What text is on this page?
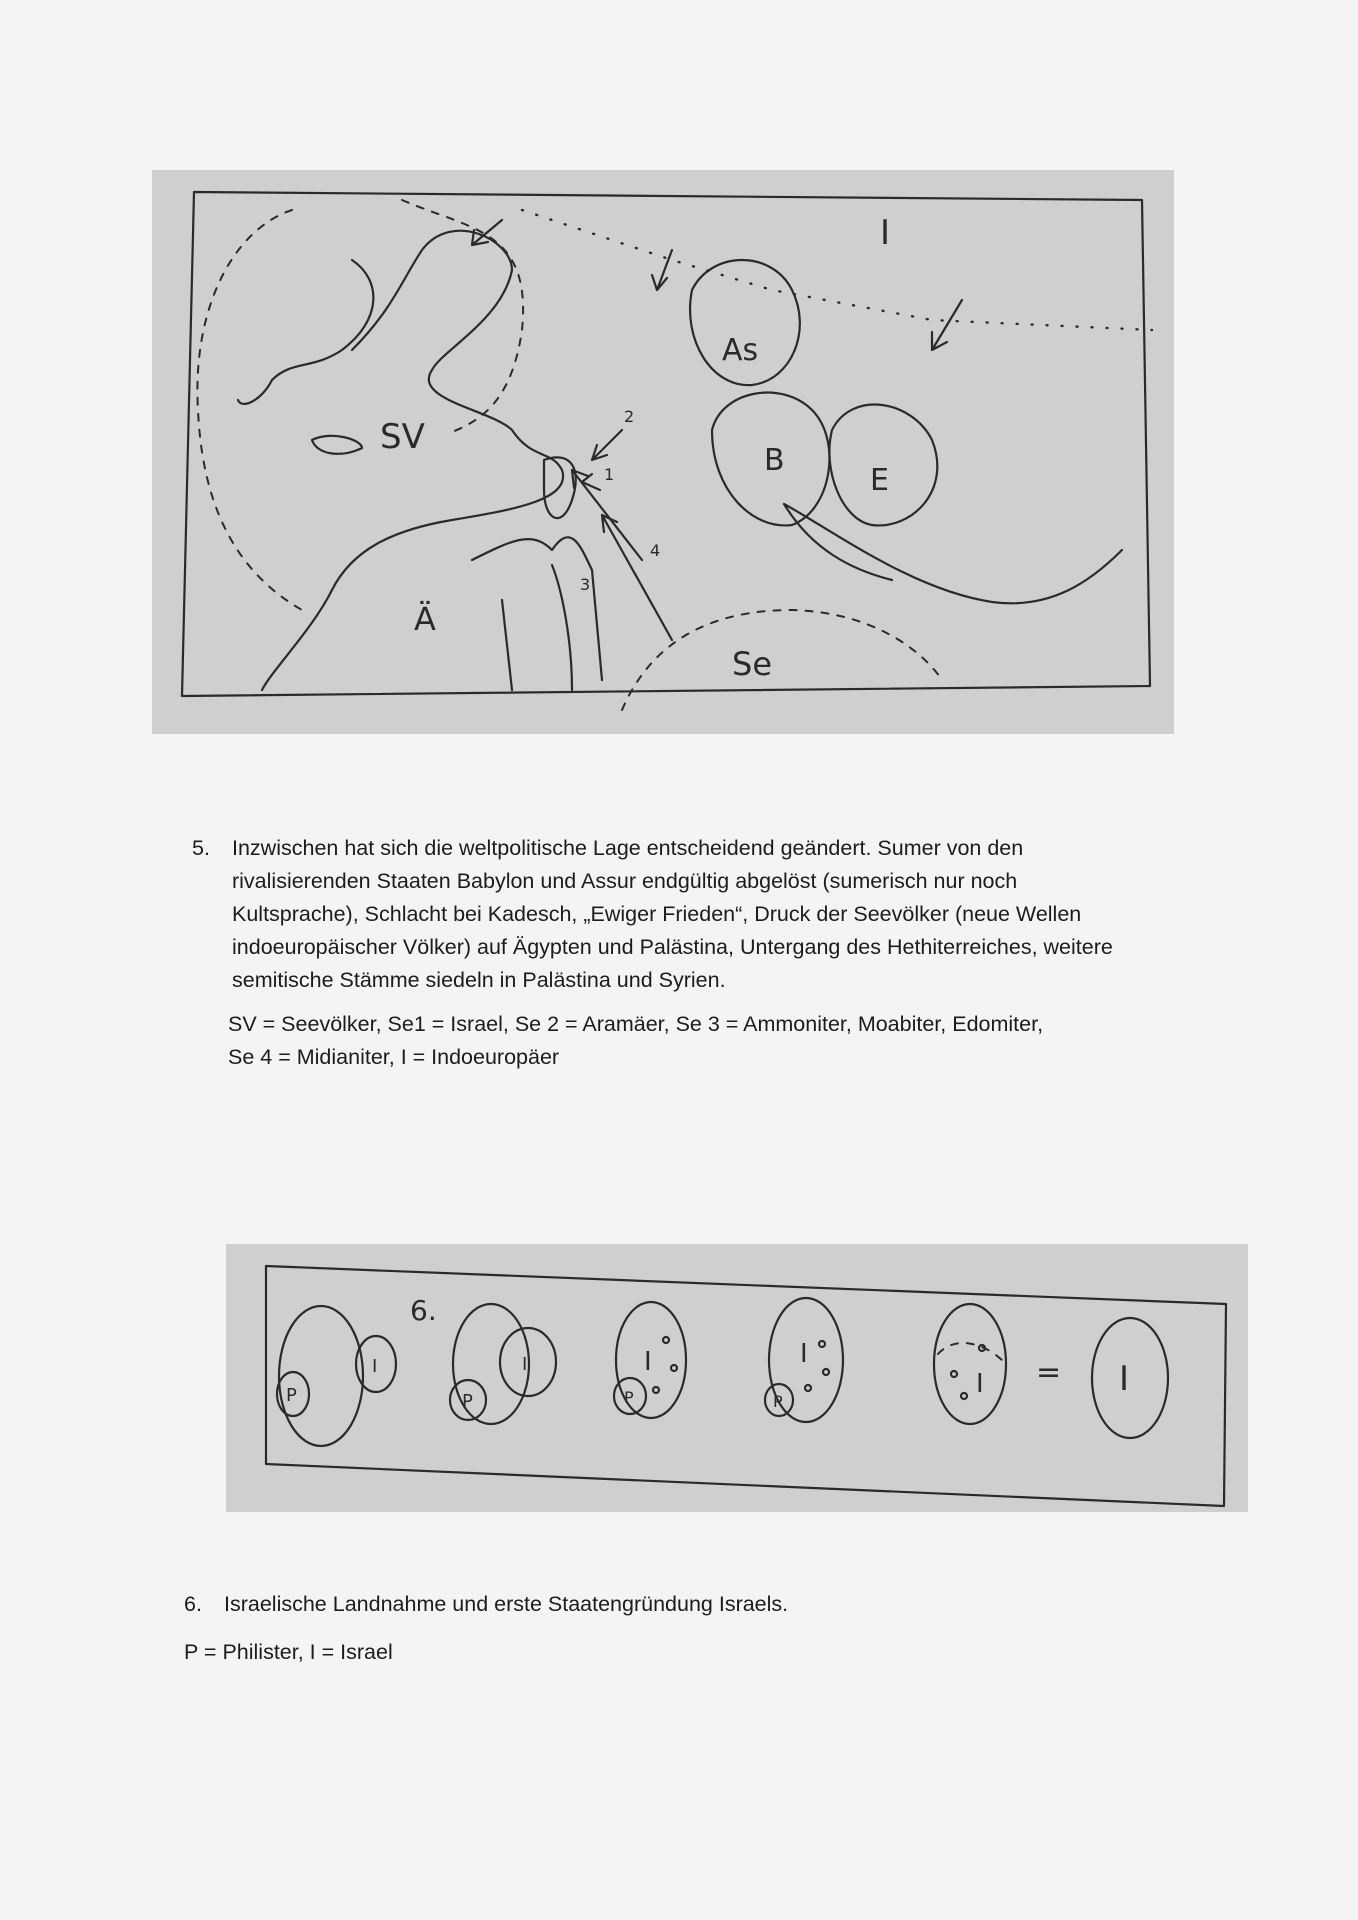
I
As
B
E
SV
Ä
Se
1
2
3
4
5. Inzwischen hat sich die weltpolitische Lage entscheidend geändert. Sumer von den
rivalisierenden Staaten Babylon und Assur endgültig abgelöst (sumerisch nur noch
Kultsprache), Schlacht bei Kadesch, „Ewiger Frieden“, Druck der Seevölker (neue Wellen
indoeuropäischer Völker) auf Ägypten und Palästina, Untergang des Hethiterreiches, weitere
semitische Stämme siedeln in Palästina und Syrien.
SV = Seevölker, Se1 = Israel, Se 2 = Aramäer, Se 3 = Ammoniter, Moabiter, Edomiter,
Se 4 = Midianiter, I = Indoeuropäer
6.
P
I
P
I
P
I
P
I
I = I
6. Israelische Landnahme und erste Staatengründung Israels.
P = Philister, I = Israel
